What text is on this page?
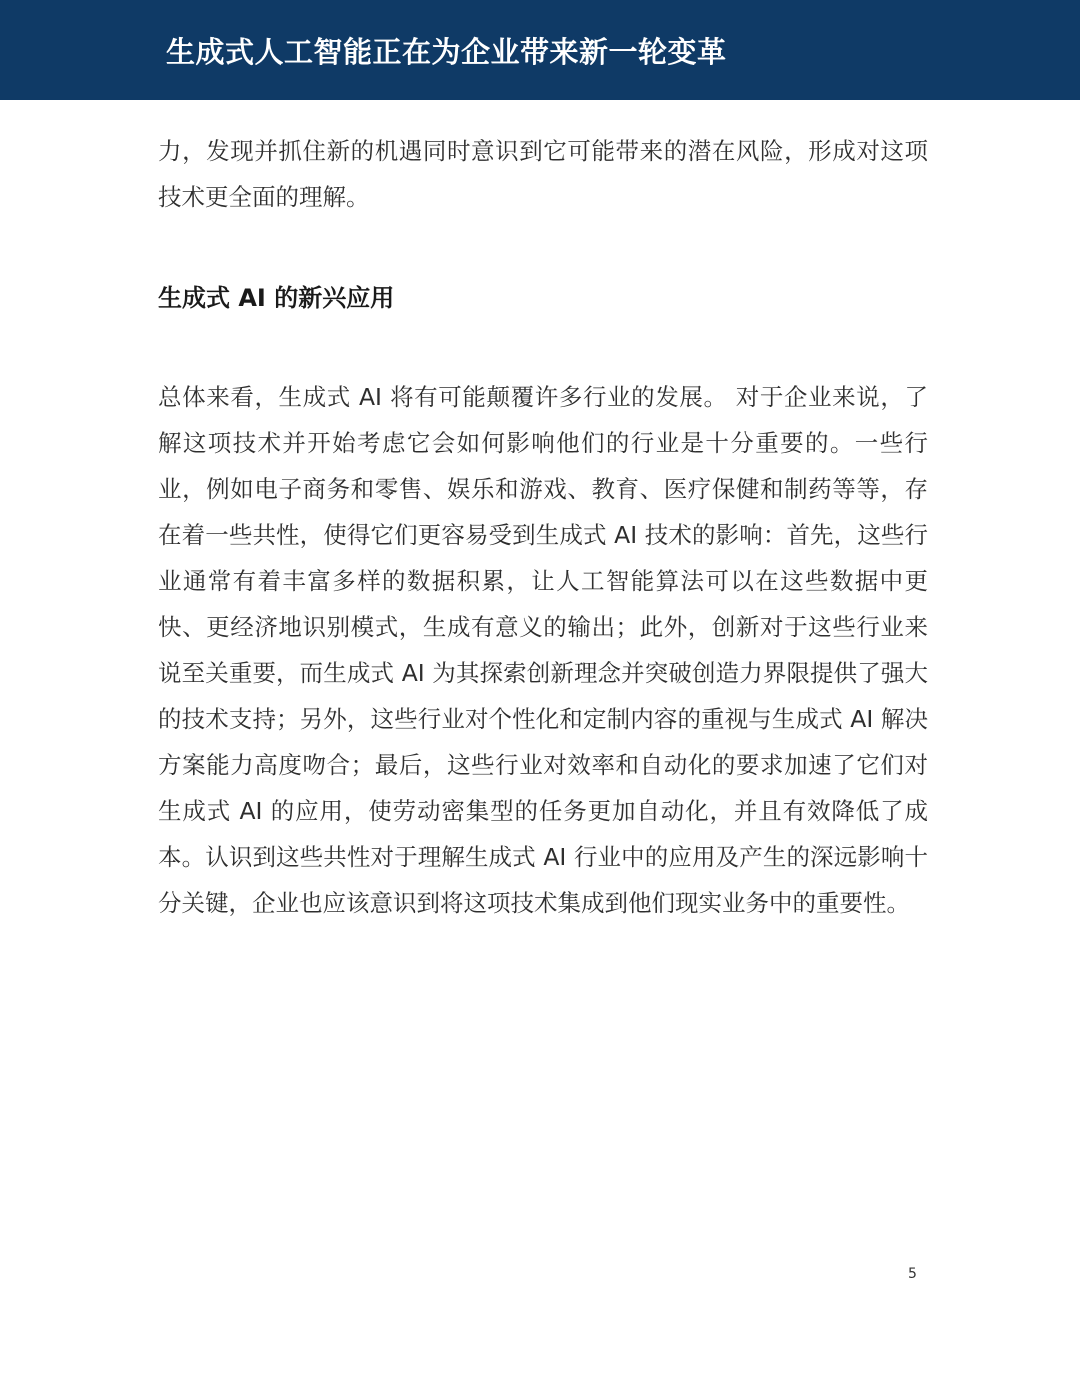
生成式人工智能正在为企业带来新一轮变革

力，发现并抓住新的机遇同时意识到它可能带来的潜在风险，形成对这项技术更全面的理解。

生成式 AI 的新兴应用

总体来看，生成式 AI 将有可能颠覆许多行业的发展。 对于企业来说，了解这项技术并开始考虑它会如何影响他们的行业是十分重要的。一些行业，例如电子商务和零售、娱乐和游戏、教育、医疗保健和制药等等，存在着一些共性，使得它们更容易受到生成式 AI 技术的影响：首先，这些行业通常有着丰富多样的数据积累，让人工智能算法可以在这些数据中更快、更经济地识别模式，生成有意义的输出；此外，创新对于这些行业来说至关重要，而生成式 AI 为其探索创新理念并突破创造力界限提供了强大的技术支持；另外，这些行业对个性化和定制内容的重视与生成式 AI 解决方案能力高度吻合；最后，这些行业对效率和自动化的要求加速了它们对生成式 AI 的应用，使劳动密集型的任务更加自动化，并且有效降低了成本。认识到这些共性对于理解生成式 AI 行业中的应用及产生的深远影响十分关键，企业也应该意识到将这项技术集成到他们现实业务中的重要性。

5
